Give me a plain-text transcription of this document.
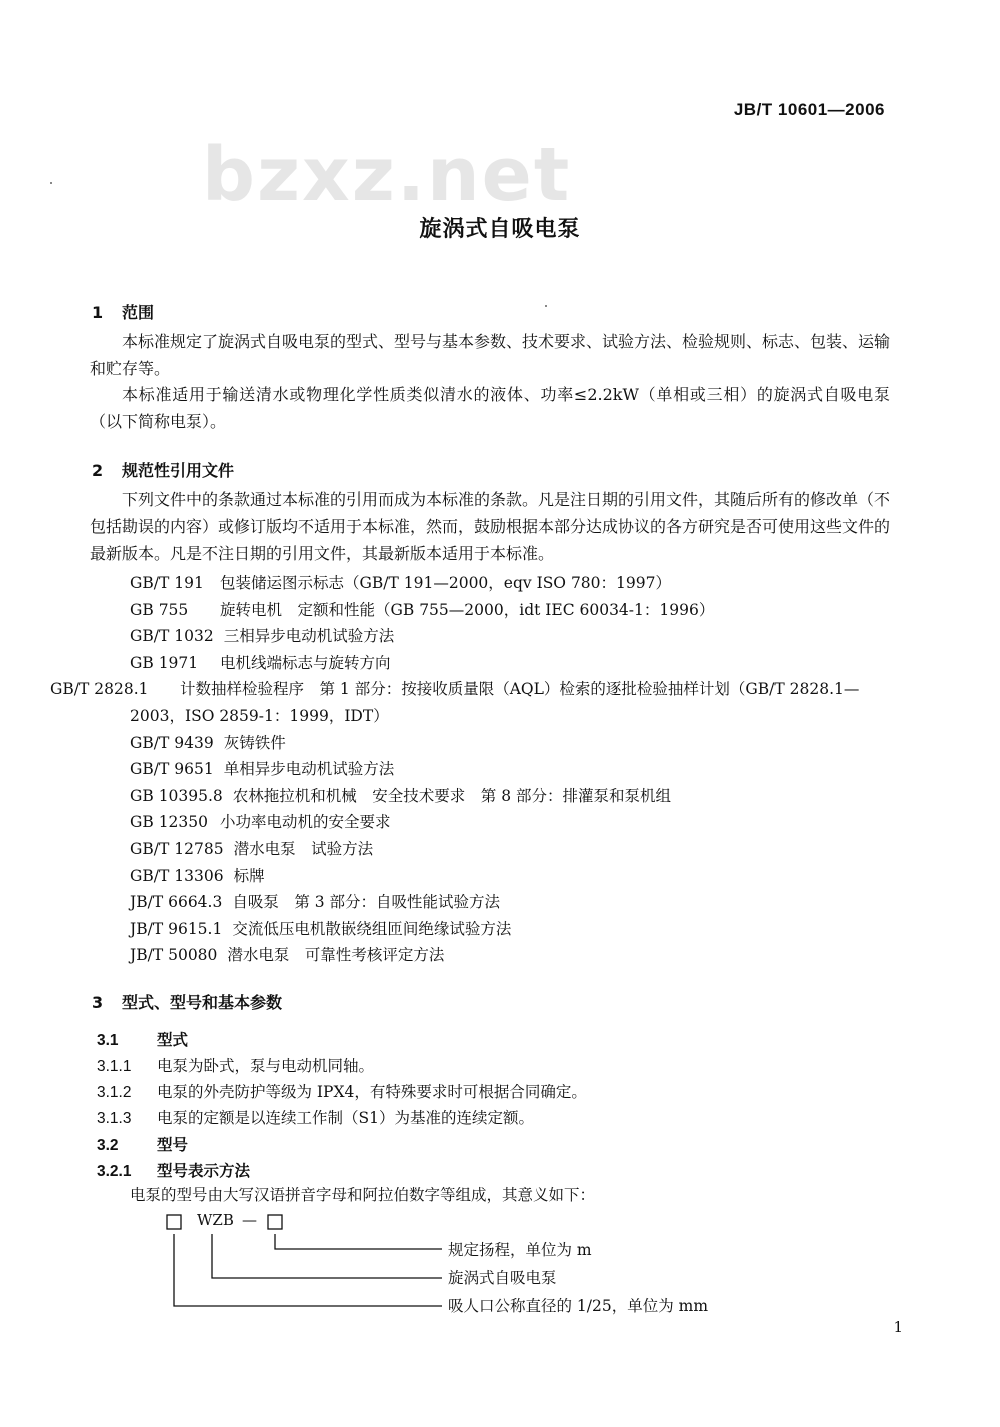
JB/T 10601—2006
bzxz.net
旋涡式自吸电泵
1 范围
本标准规定了旋涡式自吸电泵的型式、型号与基本参数、技术要求、试验方法、检验规则、标志、包装、运输和贮存等。
本标准适用于输送清水或物理化学性质类似清水的液体、功率≤2.2kW（单相或三相）的旋涡式自吸电泵（以下简称电泵）。
2 规范性引用文件
下列文件中的条款通过本标准的引用而成为本标准的条款。凡是注日期的引用文件，其随后所有的修改单（不包括勘误的内容）或修订版均不适用于本标准，然而，鼓励根据本部分达成协议的各方研究是否可使用这些文件的最新版本。凡是不注日期的引用文件，其最新版本适用于本标准。
GB/T 191 包装储运图示标志（GB/T 191—2000，eqv ISO 780：1997）
GB 755 旋转电机　定额和性能（GB 755—2000，idt IEC 60034-1：1996）
GB/T 1032 三相异步电动机试验方法
GB 1971 电机线端标志与旋转方向
GB/T 2828.1 计数抽样检验程序　第 1 部分：按接收质量限（AQL）检索的逐批检验抽样计划（GB/T 2828.1—2003，ISO 2859-1：1999，IDT）
GB/T 9439 灰铸铁件
GB/T 9651 单相异步电动机试验方法
GB 10395.8 农林拖拉机和机械　安全技术要求　第 8 部分：排灌泵和泵机组
GB 12350 小功率电动机的安全要求
GB/T 12785 潜水电泵　试验方法
GB/T 13306 标牌
JB/T 6664.3 自吸泵　第 3 部分：自吸性能试验方法
JB/T 9615.1 交流低压电机散嵌绕组匝间绝缘试验方法
JB/T 50080 潜水电泵　可靠性考核评定方法
3 型式、型号和基本参数
3.1 型式
3.1.1 电泵为卧式，泵与电动机同轴。
3.1.2 电泵的外壳防护等级为 IPX4，有特殊要求时可根据合同确定。
3.1.3 电泵的定额是以连续工作制（S1）为基准的连续定额。
3.2 型号
3.2.1 型号表示方法
电泵的型号由大写汉语拼音字母和阿拉伯数字等组成，其意义如下：
WZB —
规定扬程，单位为 m
旋涡式自吸电泵
吸人口公称直径的 1/25，单位为 mm
1
